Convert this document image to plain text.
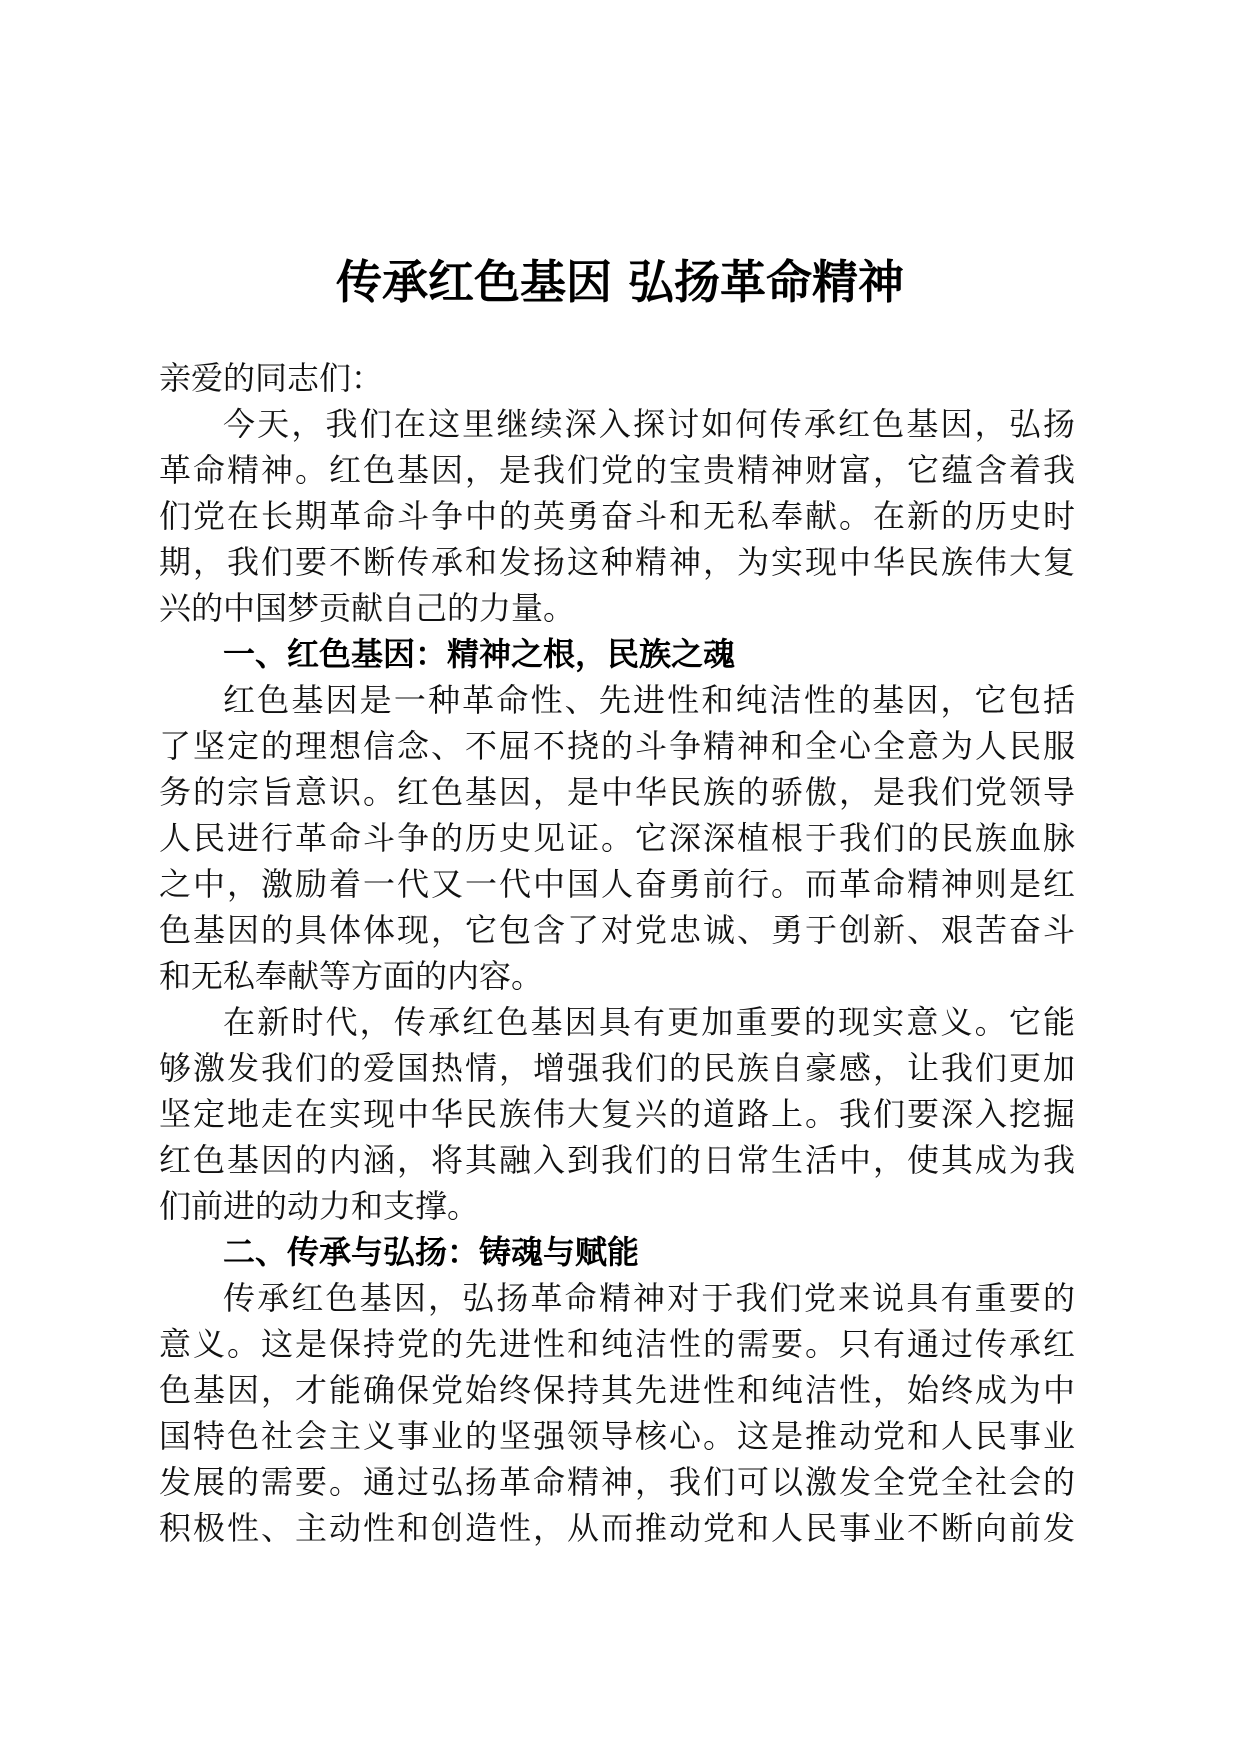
传承红色基因 弘扬革命精神
亲爱的同志们：
今天，我们在这里继续深入探讨如何传承红色基因，弘扬
革命精神。红色基因，是我们党的宝贵精神财富，它蕴含着我
们党在长期革命斗争中的英勇奋斗和无私奉献。在新的历史时
期，我们要不断传承和发扬这种精神，为实现中华民族伟大复
兴的中国梦贡献自己的力量。
一、红色基因：精神之根，民族之魂
红色基因是一种革命性、先进性和纯洁性的基因，它包括
了坚定的理想信念、不屈不挠的斗争精神和全心全意为人民服
务的宗旨意识。红色基因，是中华民族的骄傲，是我们党领导
人民进行革命斗争的历史见证。它深深植根于我们的民族血脉
之中，激励着一代又一代中国人奋勇前行。而革命精神则是红
色基因的具体体现，它包含了对党忠诚、勇于创新、艰苦奋斗
和无私奉献等方面的内容。
在新时代，传承红色基因具有更加重要的现实意义。它能
够激发我们的爱国热情，增强我们的民族自豪感，让我们更加
坚定地走在实现中华民族伟大复兴的道路上。我们要深入挖掘
红色基因的内涵，将其融入到我们的日常生活中，使其成为我
们前进的动力和支撑。
二、传承与弘扬：铸魂与赋能
传承红色基因，弘扬革命精神对于我们党来说具有重要的
意义。这是保持党的先进性和纯洁性的需要。只有通过传承红
色基因，才能确保党始终保持其先进性和纯洁性，始终成为中
国特色社会主义事业的坚强领导核心。这是推动党和人民事业
发展的需要。通过弘扬革命精神，我们可以激发全党全社会的
积极性、主动性和创造性，从而推动党和人民事业不断向前发
